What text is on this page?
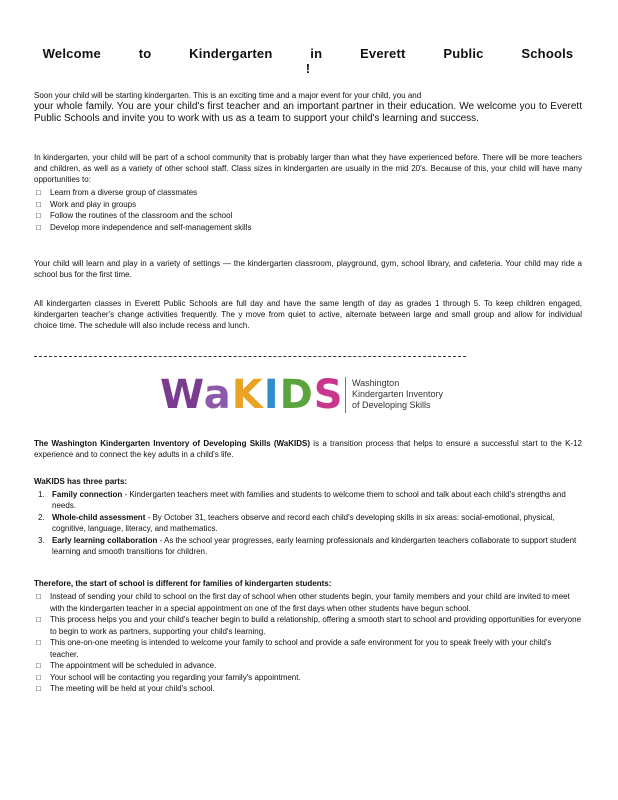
Welcome to Kindergarten in Everett Public Schools !

Soon your child will be starting kindergarten. This is an exciting time and a major event for your child, you and

your whole family. You are your child's first teacher and an important partner in their education. We welcome you to Everett Public Schools and invite you to work with us as a team to support your child's learning and success.

In kindergarten, your child will be part of a school community that is probably larger than what they have experienced before. There will be more teachers and children, as well as a variety of other school staff. Class sizes in kindergarten are usually in the mid 20's. Because of this, your child will have many opportunities to:

□ Learn from a diverse group of classmates
□ Work and play in groups
□ Follow the routines of the classroom and the school
□ Develop more independence and self-management skills

Your child will learn and play in a variety of settings — the kindergarten classroom, playground, gym, school library, and cafeteria. Your child may ride a school bus for the first time.

All kindergarten classes in Everett Public Schools are full day and have the same length of day as grades 1 through 5. To keep children engaged, kindergarten teacher's change activities frequently. The y move from quiet to active, alternate between large and small group and allow for individual choice time. The schedule will also include recess and lunch.

WaKIDS Washington
Kindergarten Inventory
of Developing Skills

The Washington Kindergarten Inventory of Developing Skills (WaKIDS) is a transition process that helps to ensure a successful start to the K-12 experience and to connect the key adults in a child's life.

WaKIDS has three parts:

1. Family connection - Kindergarten teachers meet with families and students to welcome them to school and talk about each child's strengths and needs.
2. Whole-child assessment - By October 31, teachers observe and record each child's developing skills in six areas: social-emotional, physical, cognitive, language, literacy, and mathematics.
3. Early learning collaboration - As the school year progresses, early learning professionals and kindergarten teachers collaborate to support student learning and smooth transitions for children.

Therefore, the start of school is different for families of kindergarten students:

□ Instead of sending your child to school on the first day of school when other students begin, your family members and your child are invited to meet with the kindergarten teacher in a special appointment on one of the first days when other students have begun school.
□ This process helps you and your child's teacher begin to build a relationship, offering a smooth start to school and providing opportunities for everyone to begin to work as partners, supporting your child's learning.
□ This one-on-one meeting is intended to welcome your family to school and provide a safe environment for you to speak freely with your child's teacher.
□ The appointment will be scheduled in advance.
□ Your school will be contacting you regarding your family's appointment.
□ The meeting will be held at your child's school.
